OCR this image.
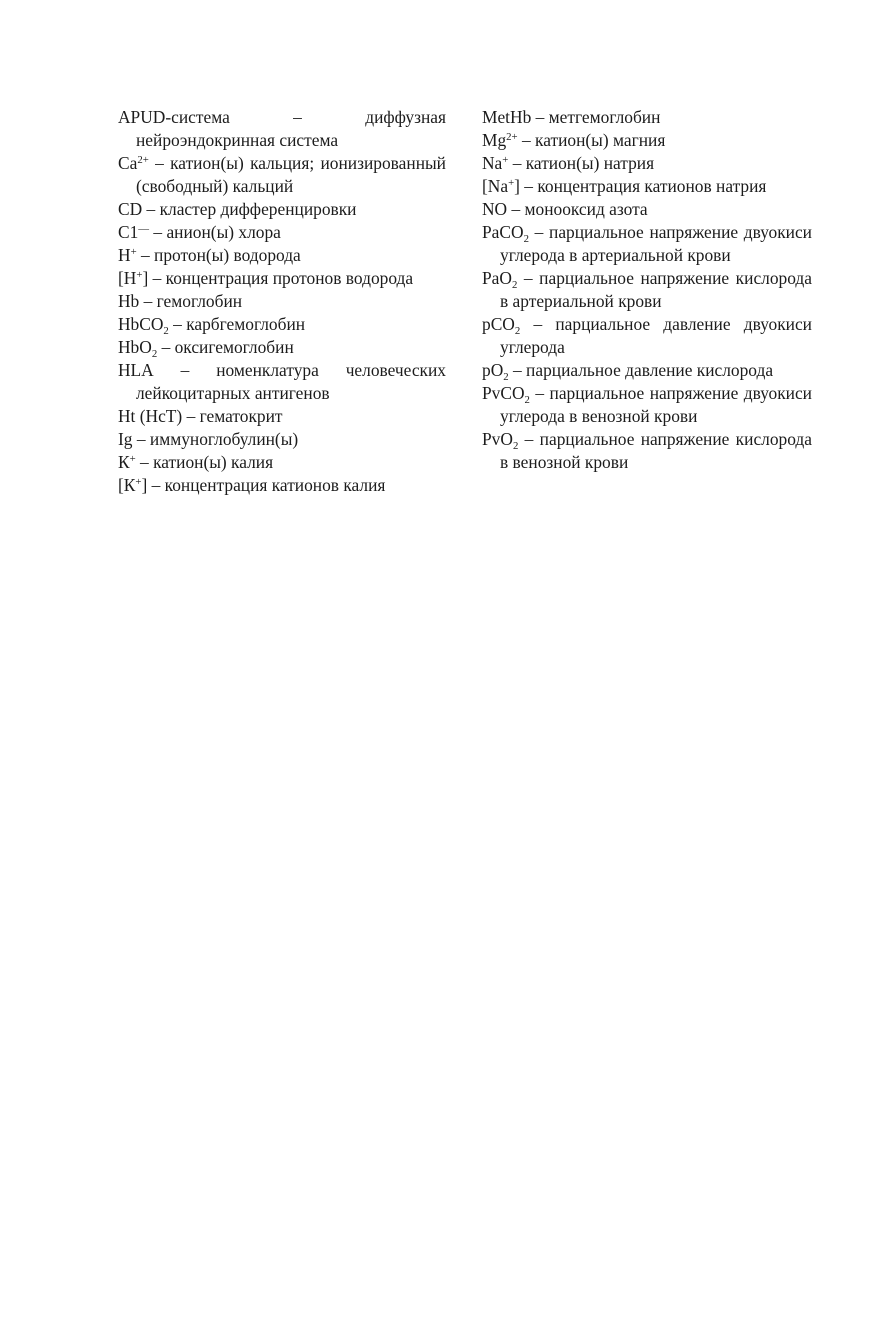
APUD-система – диффузная нейроэндокринная система

$Ca^{2+}$ – катион(ы) кальция; ионизированный (свободный) кальций

CD – кластер дифференцировки

C1— – анион(ы) хлора

H+ – протон(ы) водорода

[H+] – концентрация протонов водорода

Hb – гемоглобин

HbCO$_2$ – карбгемоглобин

HbO$_2$ – оксигемоглобин

HLA – номенклатура человеческих лейкоцитарных антигенов

Ht (HcT) – гематокрит

Ig – иммуноглобулин(ы)

К+ – катион(ы) калия

[К+] – концентрация катионов калия

MetHb – метгемоглобин

$Mg^{2+}$ – катион(ы) магния

Na+ – катион(ы) натрия

[Na+] – концентрация катионов натрия

NO – монооксид азота

PaCO$_2$ – парциальное напряжение двуокиси углерода в артериальной крови

PaO$_2$ – парциальное напряжение кислорода в артериальной крови

pCO$_2$ – парциальное давление двуокиси углерода

$pO_2$ – парциальное давление кислорода

PvCO$_2$ – парциальное напряжение двуокиси углерода в венозной крови

PvO$_2$ – парциальное напряжение кислорода в венозной крови
